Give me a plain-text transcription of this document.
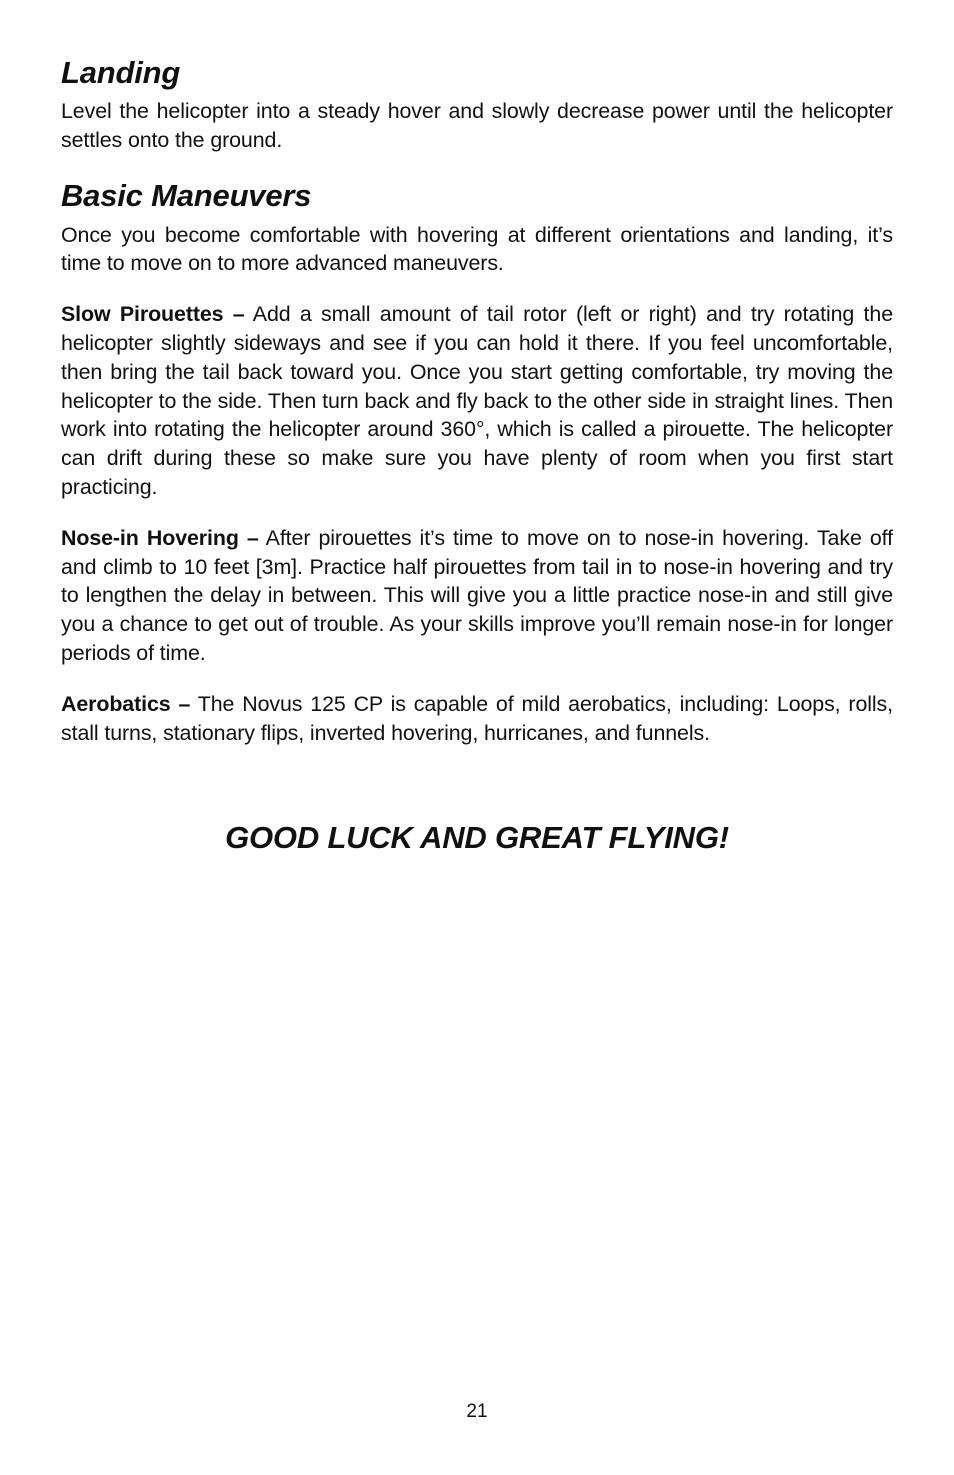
Landing

Level the helicopter into a steady hover and slowly decrease power until the helicopter settles onto the ground.

Basic Maneuvers

Once you become comfortable with hovering at different orientations and landing, it’s time to move on to more advanced maneuvers.

Slow Pirouettes – Add a small amount of tail rotor (left or right) and try rotating the helicopter slightly sideways and see if you can hold it there. If you feel uncomfortable, then bring the tail back toward you. Once you start getting comfortable, try moving the helicopter to the side. Then turn back and fly back to the other side in straight lines. Then work into rotating the helicopter around 360°, which is called a pirouette. The helicopter can drift during these so make sure you have plenty of room when you first start practicing.

Nose-in Hovering – After pirouettes it’s time to move on to nose-in hovering. Take off and climb to 10 feet [3m]. Practice half pirouettes from tail in to nose-in hovering and try to lengthen the delay in between. This will give you a little practice nose-in and still give you a chance to get out of trouble. As your skills improve you’ll remain nose-in for longer periods of time.

Aerobatics – The Novus 125 CP is capable of mild aerobatics, including: Loops, rolls, stall turns, stationary flips, inverted hovering, hurricanes, and funnels.

GOOD LUCK AND GREAT FLYING!
21
